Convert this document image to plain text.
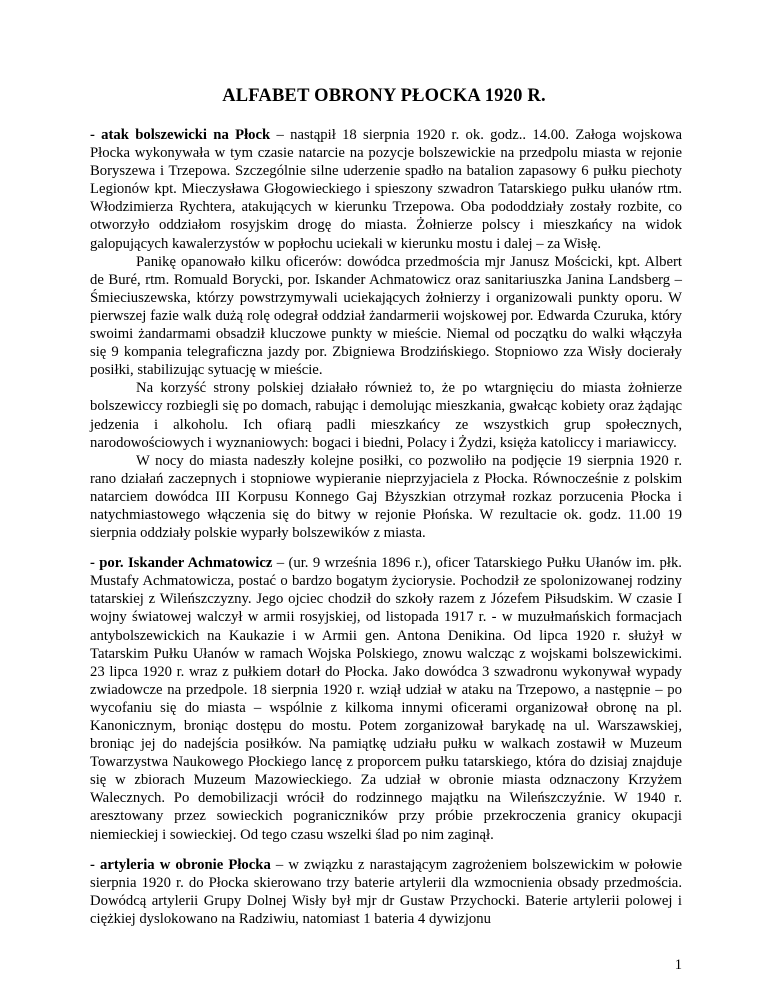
ALFABET OBRONY PŁOCKA 1920 R.

- atak bolszewicki na Płock – nastąpił 18 sierpnia 1920 r. ok. godz.. 14.00. Załoga wojskowa Płocka wykonywała w tym czasie natarcie na pozycje bolszewickie na przedpolu miasta w rejonie Boryszewa i Trzepowa. Szczególnie silne uderzenie spadło na batalion zapasowy 6 pułku piechoty Legionów kpt. Mieczysława Głogowieckiego i spieszony szwadron Tatarskiego pułku ułanów rtm. Włodzimierza Rychtera, atakujących w kierunku Trzepowa. Oba pododdziały zostały rozbite, co otworzyło oddziałom rosyjskim drogę do miasta. Żołnierze polscy i mieszkańcy na widok galopujących kawalerzystów w popłochu uciekali w kierunku mostu i dalej – za Wisłę.

Panikę opanowało kilku oficerów: dowódca przedmościa mjr Janusz Mościcki, kpt. Albert de Buré, rtm. Romuald Borycki, por. Iskander Achmatowicz oraz sanitariuszka Janina Landsberg – Śmieciuszewska, którzy powstrzymywali uciekających żołnierzy i organizowali punkty oporu. W pierwszej fazie walk dużą rolę odegrał oddział żandarmerii wojskowej por. Edwarda Czuruka, który swoimi żandarmami obsadził kluczowe punkty w mieście. Niemal od początku do walki włączyła się 9 kompania telegraficzna jazdy por. Zbigniewa Brodzińskiego. Stopniowo zza Wisły docierały posiłki, stabilizując sytuację w mieście.

Na korzyść strony polskiej działało również to, że po wtargnięciu do miasta żołnierze bolszewiccy rozbiegli się po domach, rabując i demolując mieszkania, gwałcąc kobiety oraz żądając jedzenia i alkoholu. Ich ofiarą padli mieszkańcy ze wszystkich grup społecznych, narodowościowych i wyznaniowych: bogaci i biedni, Polacy i Żydzi, księża katoliccy i mariawiccy.

W nocy do miasta nadeszły kolejne posiłki, co pozwoliło na podjęcie 19 sierpnia 1920 r. rano działań zaczepnych i stopniowe wypieranie nieprzyjaciela z Płocka. Równocześnie z polskim natarciem dowódca III Korpusu Konnego Gaj Bżyszkian otrzymał rozkaz porzucenia Płocka i natychmiastowego włączenia się do bitwy w rejonie Płońska. W rezultacie ok. godz. 11.00 19 sierpnia oddziały polskie wyparły bolszewików z miasta.

- por. Iskander Achmatowicz – (ur. 9 września 1896 r.), oficer Tatarskiego Pułku Ułanów im. płk. Mustafy Achmatowicza, postać o bardzo bogatym życiorysie. Pochodził ze spolonizowanej rodziny tatarskiej z Wileńszczyzny. Jego ojciec chodził do szkoły razem z Józefem Piłsudskim. W czasie I wojny światowej walczył w armii rosyjskiej, od listopada 1917 r. - w muzułmańskich formacjach antybolszewickich na Kaukazie i w Armii gen. Antona Denikina. Od lipca 1920 r. służył w Tatarskim Pułku Ułanów w ramach Wojska Polskiego, znowu walcząc z wojskami bolszewickimi. 23 lipca 1920 r. wraz z pułkiem dotarł do Płocka. Jako dowódca 3 szwadronu wykonywał wypady zwiadowcze na przedpole. 18 sierpnia 1920 r. wziął udział w ataku na Trzepowo, a następnie – po wycofaniu się do miasta – wspólnie z kilkoma innymi oficerami organizował obronę na pl. Kanonicznym, broniąc dostępu do mostu. Potem zorganizował barykadę na ul. Warszawskiej, broniąc jej do nadejścia posiłków. Na pamiątkę udziału pułku w walkach zostawił w Muzeum Towarzystwa Naukowego Płockiego lancę z proporcem pułku tatarskiego, która do dzisiaj znajduje się w zbiorach Muzeum Mazowieckiego. Za udział w obronie miasta odznaczony Krzyżem Walecznych. Po demobilizacji wrócił do rodzinnego majątku na Wileńszczyźnie. W 1940 r. aresztowany przez sowieckich pograniczników przy próbie przekroczenia granicy okupacji niemieckiej i sowieckiej. Od tego czasu wszelki ślad po nim zaginął.

- artyleria w obronie Płocka – w związku z narastającym zagrożeniem bolszewickim w połowie sierpnia 1920 r. do Płocka skierowano trzy baterie artylerii dla wzmocnienia obsady przedmościa. Dowódcą artylerii Grupy Dolnej Wisły był mjr dr Gustaw Przychocki. Baterie artylerii polowej i ciężkiej dyslokowano na Radziwiu, natomiast 1 bateria 4 dywizjonu

1
